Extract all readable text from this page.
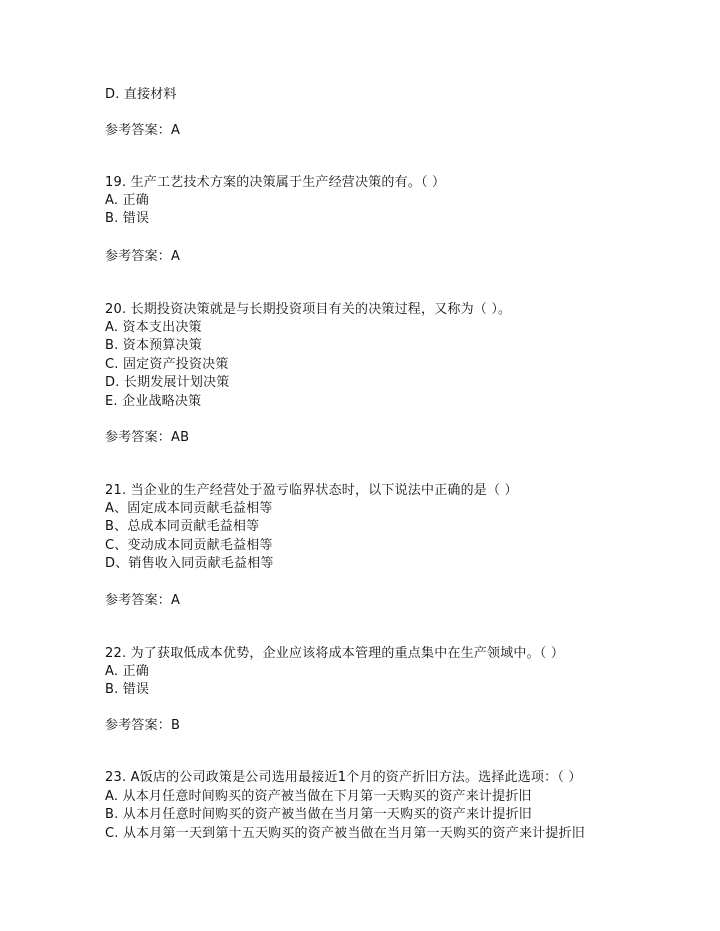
D. 直接材料
参考答案：A
19. 生产工艺技术方案的决策属于生产经营决策的有。（ ）
A. 正确
B. 错误
参考答案：A
20. 长期投资决策就是与长期投资项目有关的决策过程，又称为（ ）。
A. 资本支出决策
B. 资本预算决策
C. 固定资产投资决策
D. 长期发展计划决策
E. 企业战略决策
参考答案：AB
21. 当企业的生产经营处于盈亏临界状态时，以下说法中正确的是（ ）
A、固定成本同贡献毛益相等
B、总成本同贡献毛益相等
C、变动成本同贡献毛益相等
D、销售收入同贡献毛益相等
参考答案：A
22. 为了获取低成本优势，企业应该将成本管理的重点集中在生产领域中。（ ）
A. 正确
B. 错误
参考答案：B
23. A饭店的公司政策是公司选用最接近1个月的资产折旧方法。选择此选项：（ ）
A. 从本月任意时间购买的资产被当做在下月第一天购买的资产来计提折旧
B. 从本月任意时间购买的资产被当做在当月第一天购买的资产来计提折旧
C. 从本月第一天到第十五天购买的资产被当做在当月第一天购买的资产来计提折旧
